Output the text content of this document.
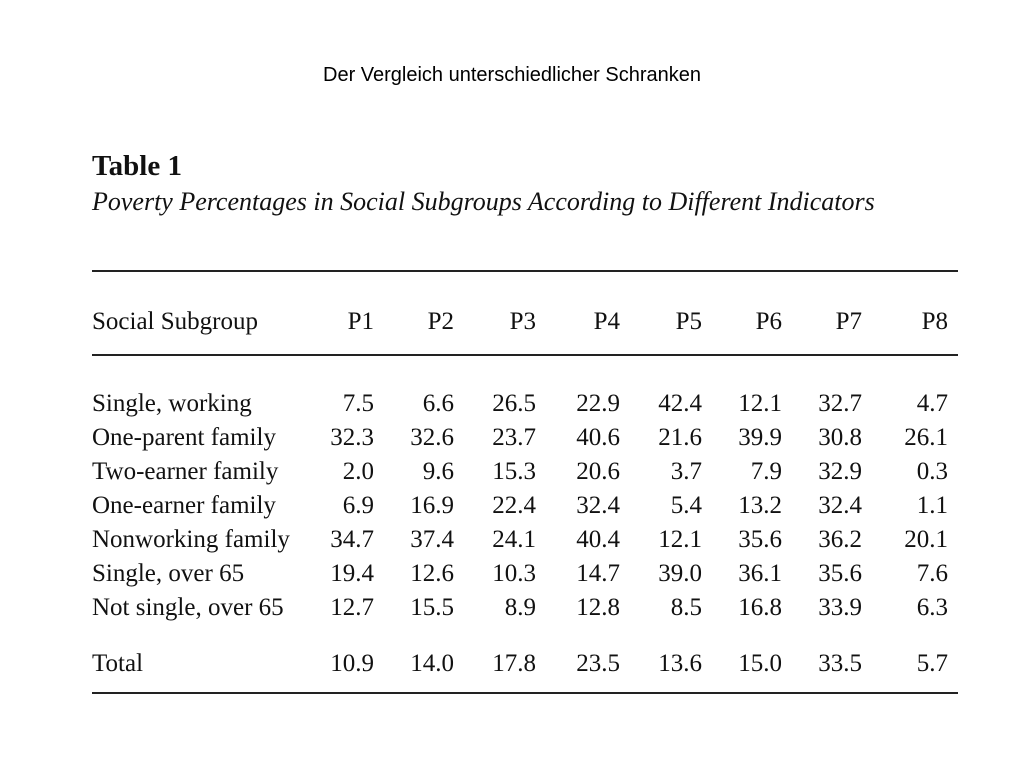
Der Vergleich unterschiedlicher Schranken
Table 1
Poverty Percentages in Social Subgroups According to Different Indicators
Social Subgroup	P1	P2	P3	P4	P5	P6	P7	P8
Single, working	7.5	6.6	26.5	22.9	42.4	12.1	32.7	4.7
One-parent family	32.3	32.6	23.7	40.6	21.6	39.9	30.8	26.1
Two-earner family	2.0	9.6	15.3	20.6	3.7	7.9	32.9	0.3
One-earner family	6.9	16.9	22.4	32.4	5.4	13.2	32.4	1.1
Nonworking family	34.7	37.4	24.1	40.4	12.1	35.6	36.2	20.1
Single, over 65	19.4	12.6	10.3	14.7	39.0	36.1	35.6	7.6
Not single, over 65	12.7	15.5	8.9	12.8	8.5	16.8	33.9	6.3
Total	10.9	14.0	17.8	23.5	13.6	15.0	33.5	5.7
